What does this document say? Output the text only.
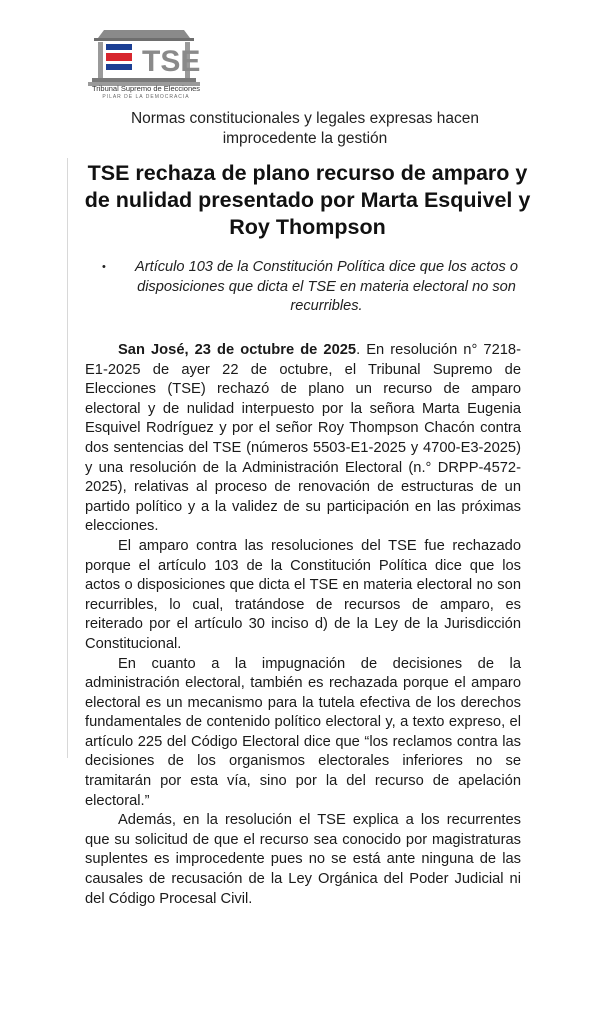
TSE
Tribunal Supremo de Elecciones
PILAR DE LA DEMOCRACIA
Normas constitucionales y legales expresas hacen improcedente la gestión
TSE rechaza de plano recurso de amparo y de nulidad presentado por Marta Esquivel y Roy Thompson
•	Artículo 103 de la Constitución Política dice que los actos o disposiciones que dicta el TSE en materia electoral no son recurribles.

San José, 23 de octubre de 2025. En resolución n° 7218-E1-2025 de ayer 22 de octubre, el Tribunal Supremo de Elecciones (TSE) rechazó de plano un recurso de amparo electoral y de nulidad interpuesto por la señora Marta Eugenia Esquivel Rodríguez y por el señor Roy Thompson Chacón contra dos sentencias del TSE (números 5503-E1-2025 y 4700-E3-2025) y una resolución de la Administración Electoral (n.° DRPP-4572-2025), relativas al proceso de renovación de estructuras de un partido político y a la validez de su participación en las próximas elecciones.

El amparo contra las resoluciones del TSE fue rechazado porque el artículo 103 de la Constitución Política dice que los actos o disposiciones que dicta el TSE en materia electoral no son recurribles, lo cual, tratándose de recursos de amparo, es reiterado por el artículo 30 inciso d) de la Ley de la Jurisdicción Constitucional.

En cuanto a la impugnación de decisiones de la administración electoral, también es rechazada porque el amparo electoral es un mecanismo para la tutela efectiva de los derechos fundamentales de contenido político electoral y, a texto expreso, el artículo 225 del Código Electoral dice que “los reclamos contra las decisiones de los organismos electorales inferiores no se tramitarán por esta vía, sino por la del recurso de apelación electoral.”

Además, en la resolución el TSE explica a los recurrentes que su solicitud de que el recurso sea conocido por magistraturas suplentes es improcedente pues no se está ante ninguna de las causales de recusación de la Ley Orgánica del Poder Judicial ni del Código Procesal Civil.
